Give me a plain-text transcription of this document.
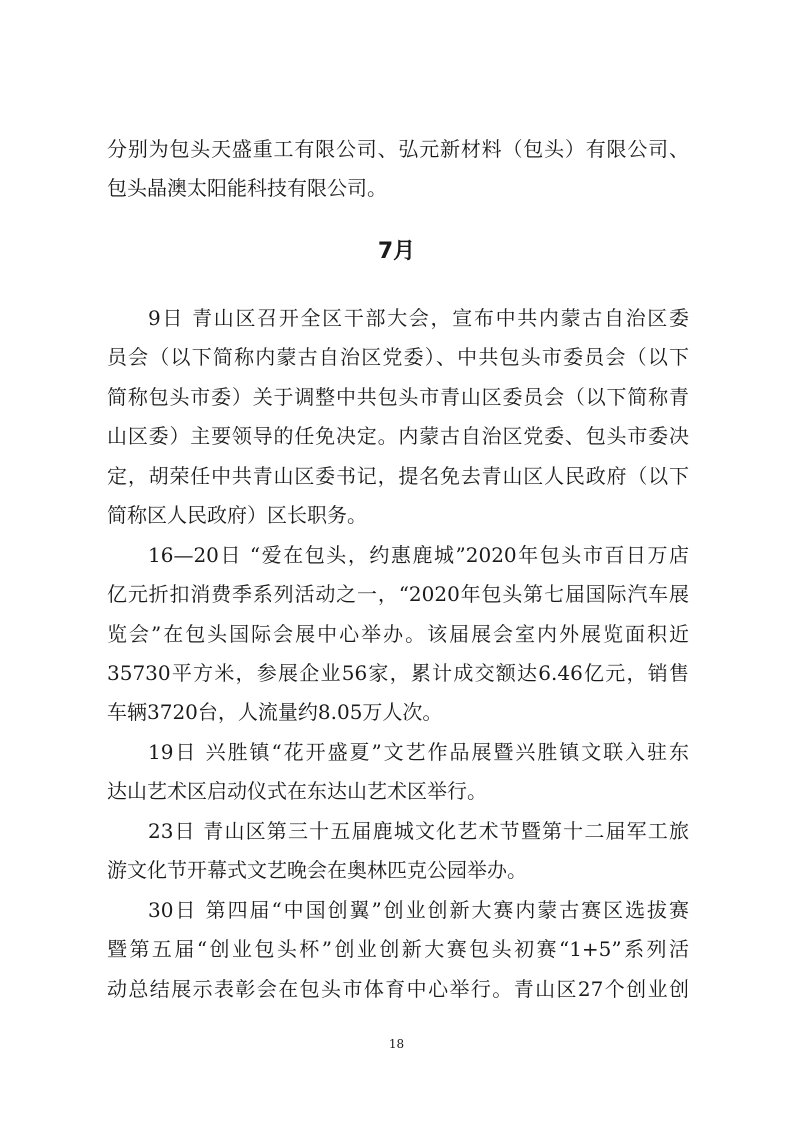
分别为包头天盛重工有限公司、弘元新材料（包头）有限公司、
包头晶澳太阳能科技有限公司。
7月
9日 青山区召开全区干部大会，宣布中共内蒙古自治区委
员会（以下简称内蒙古自治区党委）、中共包头市委员会（以下
简称包头市委）关于调整中共包头市青山区委员会（以下简称青
山区委）主要领导的任免决定。内蒙古自治区党委、包头市委决
定，胡荣任中共青山区委书记，提名免去青山区人民政府（以下
简称区人民政府）区长职务。
16—20日 “爱在包头，约惠鹿城”2020年包头市百日万店
亿元折扣消费季系列活动之一，“2020年包头第七届国际汽车展
览会”在包头国际会展中心举办。该届展会室内外展览面积近
35730平方米，参展企业56家，累计成交额达6.46亿元，销售
车辆3720台，人流量约8.05万人次。
19日 兴胜镇“花开盛夏”文艺作品展暨兴胜镇文联入驻东
达山艺术区启动仪式在东达山艺术区举行。
23日 青山区第三十五届鹿城文化艺术节暨第十二届军工旅
游文化节开幕式文艺晚会在奥林匹克公园举办。
30日 第四届“中国创翼”创业创新大赛内蒙古赛区选拔赛
暨第五届“创业包头杯”创业创新大赛包头初赛“1+5”系列活
动总结展示表彰会在包头市体育中心举行。青山区27个创业创
18
